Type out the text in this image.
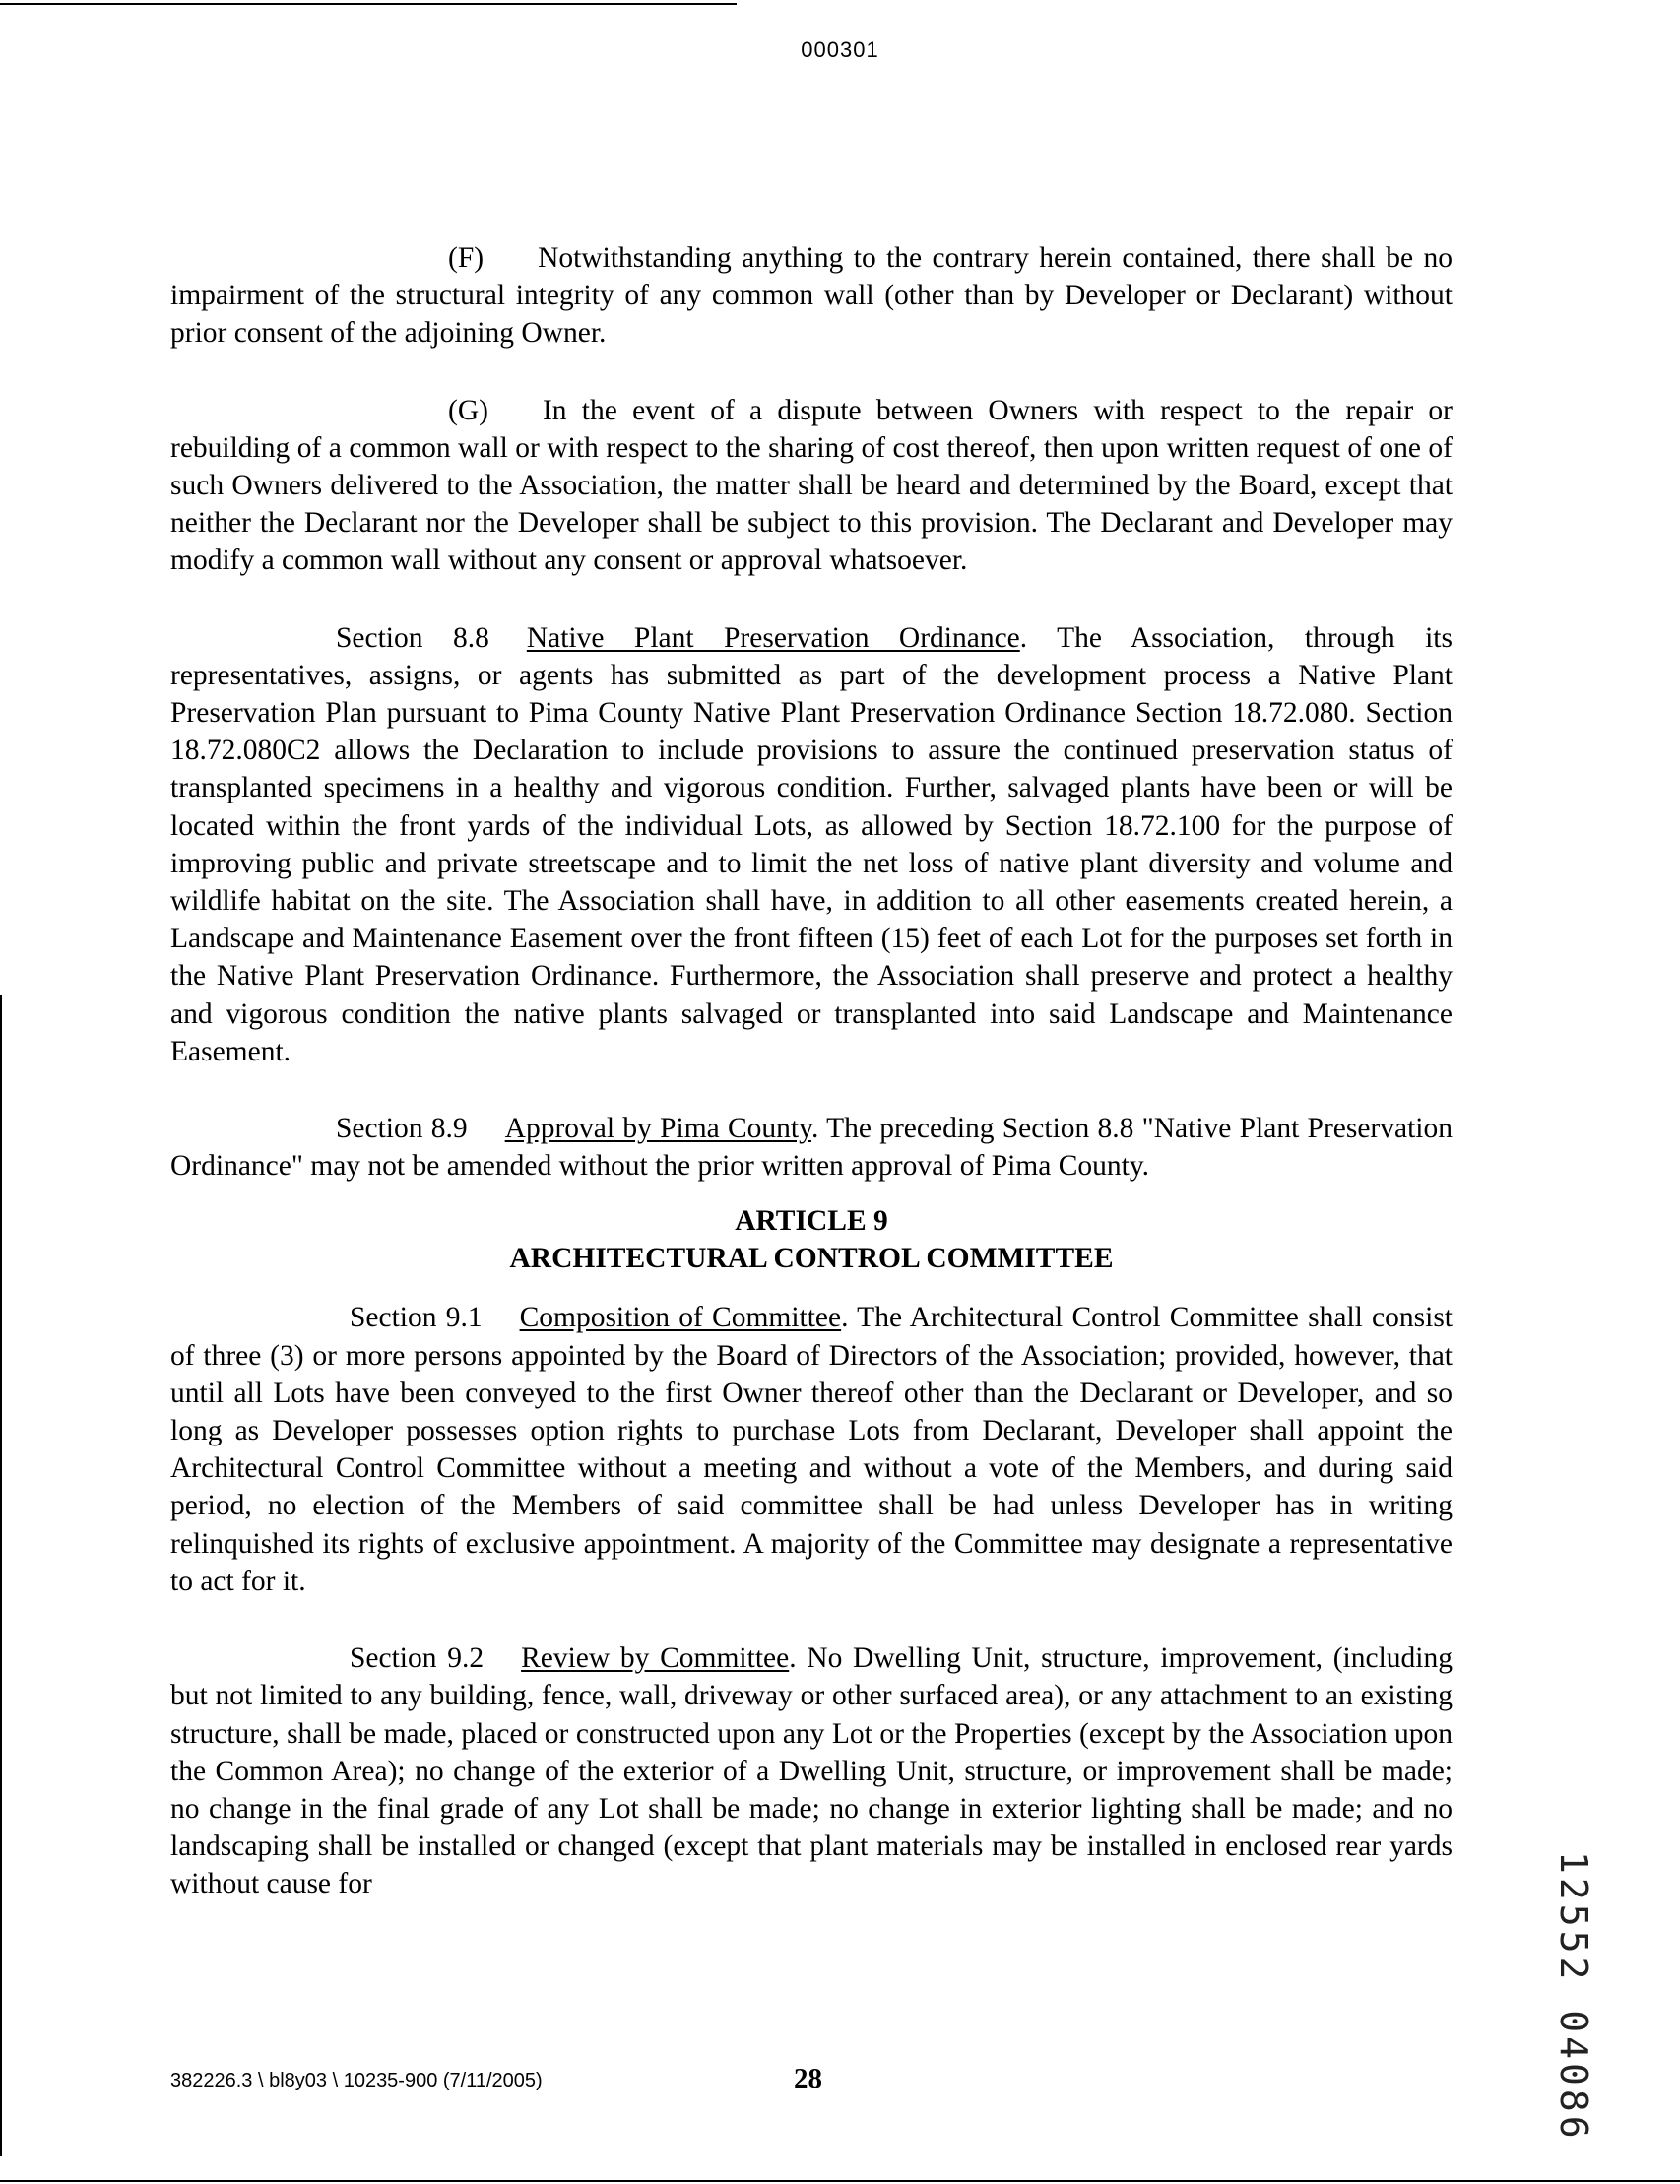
000301

(F) Notwithstanding anything to the contrary herein contained, there shall be no impairment of the structural integrity of any common wall (other than by Developer or Declarant) without prior consent of the adjoining Owner.

(G) In the event of a dispute between Owners with respect to the repair or rebuilding of a common wall or with respect to the sharing of cost thereof, then upon written request of one of such Owners delivered to the Association, the matter shall be heard and determined by the Board, except that neither the Declarant nor the Developer shall be subject to this provision. The Declarant and Developer may modify a common wall without any consent or approval whatsoever.

Section 8.8 Native Plant Preservation Ordinance. The Association, through its representatives, assigns, or agents has submitted as part of the development process a Native Plant Preservation Plan pursuant to Pima County Native Plant Preservation Ordinance Section 18.72.080. Section 18.72.080C2 allows the Declaration to include provisions to assure the continued preservation status of transplanted specimens in a healthy and vigorous condition. Further, salvaged plants have been or will be located within the front yards of the individual Lots, as allowed by Section 18.72.100 for the purpose of improving public and private streetscape and to limit the net loss of native plant diversity and volume and wildlife habitat on the site. The Association shall have, in addition to all other easements created herein, a Landscape and Maintenance Easement over the front fifteen (15) feet of each Lot for the purposes set forth in the Native Plant Preservation Ordinance. Furthermore, the Association shall preserve and protect a healthy and vigorous condition the native plants salvaged or transplanted into said Landscape and Maintenance Easement.

Section 8.9 Approval by Pima County. The preceding Section 8.8 "Native Plant Preservation Ordinance" may not be amended without the prior written approval of Pima County.

ARTICLE 9

ARCHITECTURAL CONTROL COMMITTEE

Section 9.1 Composition of Committee. The Architectural Control Committee shall consist of three (3) or more persons appointed by the Board of Directors of the Association; provided, however, that until all Lots have been conveyed to the first Owner thereof other than the Declarant or Developer, and so long as Developer possesses option rights to purchase Lots from Declarant, Developer shall appoint the Architectural Control Committee without a meeting and without a vote of the Members, and during said period, no election of the Members of said committee shall be had unless Developer has in writing relinquished its rights of exclusive appointment. A majority of the Committee may designate a representative to act for it.

Section 9.2 Review by Committee. No Dwelling Unit, structure, improvement, (including but not limited to any building, fence, wall, driveway or other surfaced area), or any attachment to an existing structure, shall be made, placed or constructed upon any Lot or the Properties (except by the Association upon the Common Area); no change of the exterior of a Dwelling Unit, structure, or improvement shall be made; no change in the final grade of any Lot shall be made; no change in exterior lighting shall be made; and no landscaping shall be installed or changed (except that plant materials may be installed in enclosed rear yards without cause for	12552 04086
382226.3 \ bl8y03 \ 10235-900 (7/11/2005)	28
